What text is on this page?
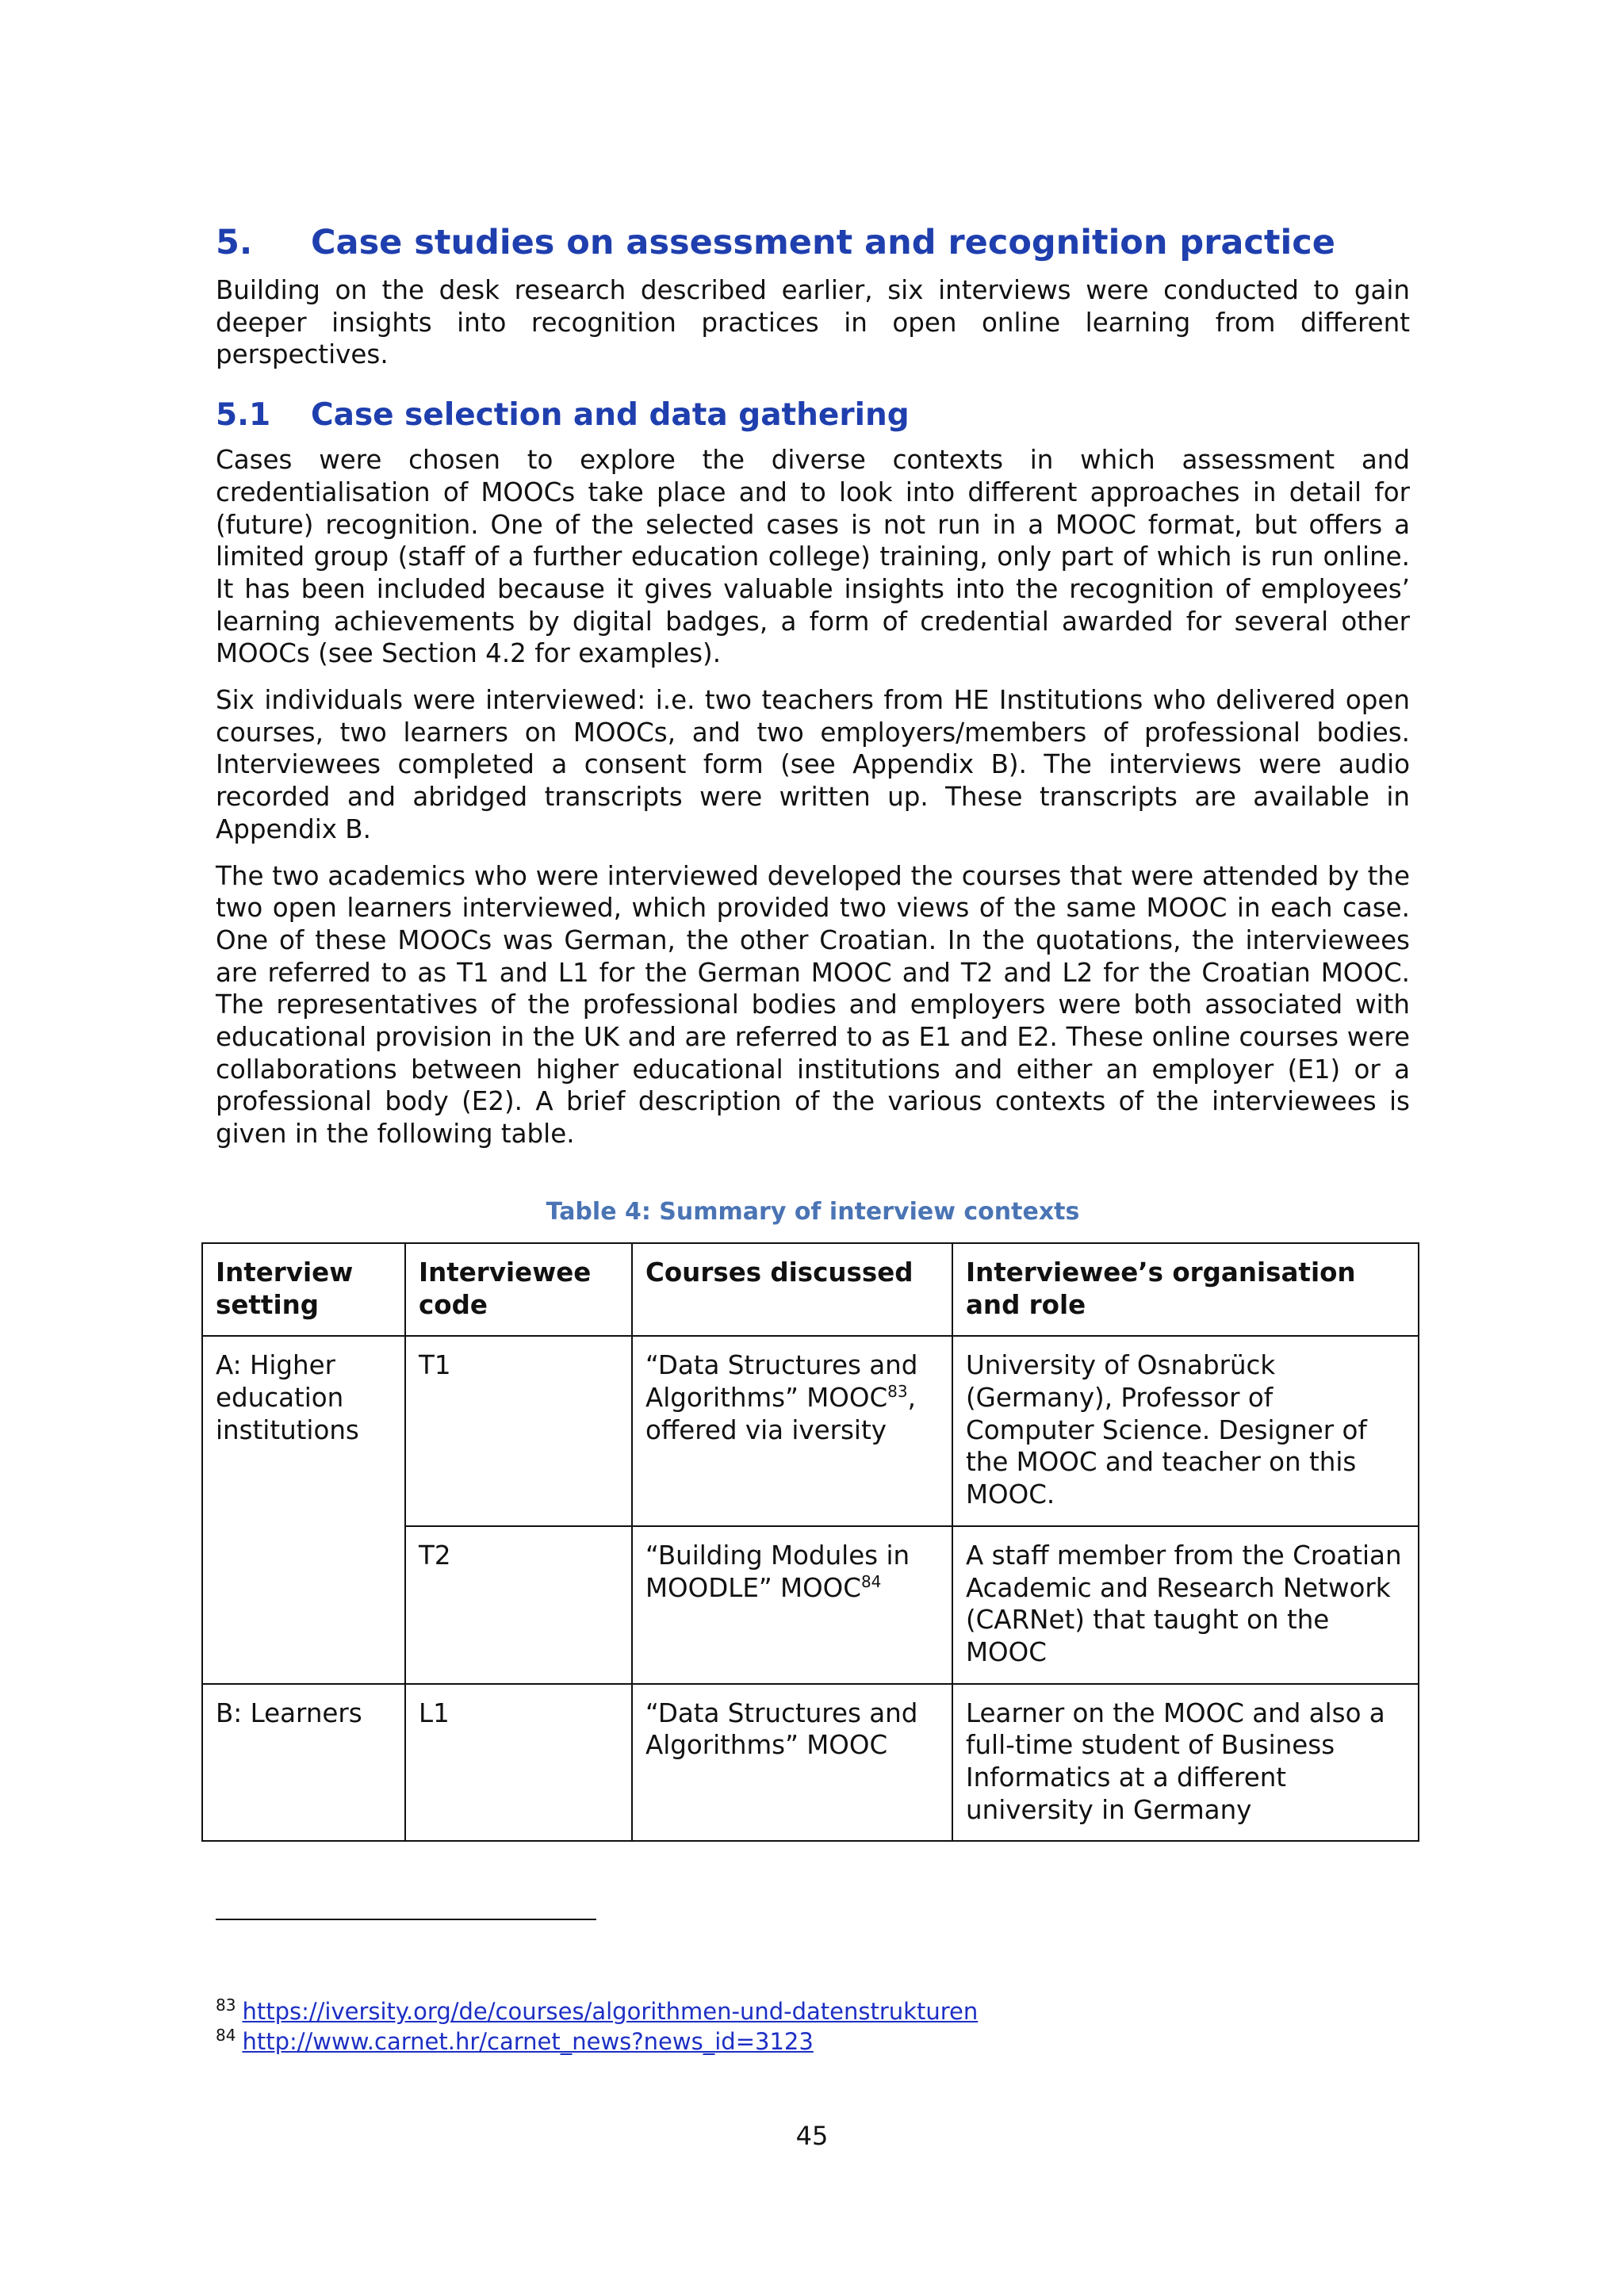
5.	Case studies on assessment and recognition practice

Building on the desk research described earlier, six interviews were conducted to gain deeper insights into recognition practices in open online learning from different perspectives.

5.1	Case selection and data gathering

Cases were chosen to explore the diverse contexts in which assessment and credentialisation of MOOCs take place and to look into different approaches in detail for (future) recognition. One of the selected cases is not run in a MOOC format, but offers a limited group (staff of a further education college) training, only part of which is run online. It has been included because it gives valuable insights into the recognition of employees’ learning achievements by digital badges, a form of credential awarded for several other MOOCs (see Section 4.2 for examples).

Six individuals were interviewed: i.e. two teachers from HE Institutions who delivered open courses, two learners on MOOCs, and two employers/members of professional bodies. Interviewees completed a consent form (see Appendix B). The interviews were audio recorded and abridged transcripts were written up. These transcripts are available in Appendix B.

The two academics who were interviewed developed the courses that were attended by the two open learners interviewed, which provided two views of the same MOOC in each case. One of these MOOCs was German, the other Croatian. In the quotations, the interviewees are referred to as T1 and L1 for the German MOOC and T2 and L2 for the Croatian MOOC. The representatives of the professional bodies and employers were both associated with educational provision in the UK and are referred to as E1 and E2. These online courses were collaborations between higher educational institutions and either an employer (E1) or a professional body (E2). A brief description of the various contexts of the interviewees is given in the following table.

Table 4: Summary of interview contexts
Interview setting	Interviewee code	Courses discussed	Interviewee’s organisation and role
A: Higher education institutions	T1	“Data Structures and Algorithms” MOOC$^{83}$, offered via iversity	University of Osnabrück (Germany), Professor of Computer Science. Designer of the MOOC and teacher on this MOOC.
	T2	“Building Modules in MOODLE” MOOC$^{84}$	A staff member from the Croatian Academic and Research Network (CARNet) that taught on the MOOC
B: Learners	L1	“Data Structures and Algorithms” MOOC	Learner on the MOOC and also a full-time student of Business Informatics at a different university in Germany
$^{83}$ https://iversity.org/de/courses/algorithmen-und-datenstrukturen
$^{84}$ http://www.carnet.hr/carnet_news?news_id=3123
45
